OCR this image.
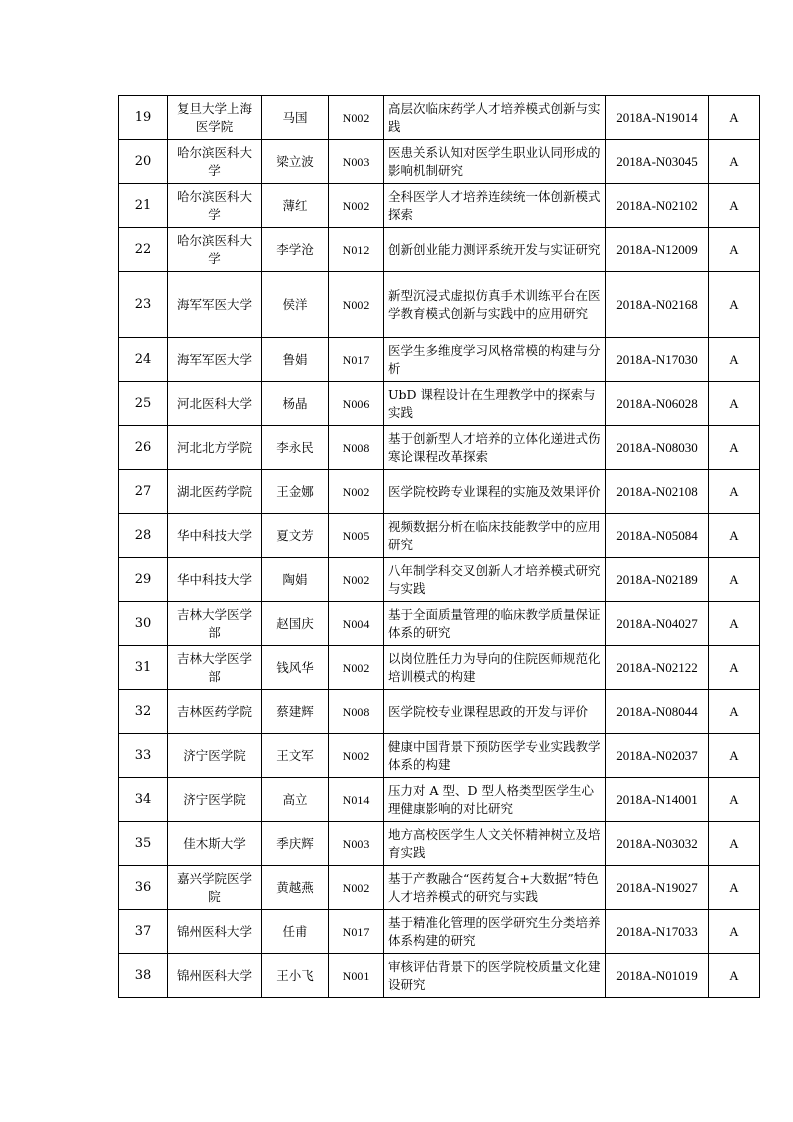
19	复旦大学上海医学院	马国	N002	高层次临床药学人才培养模式创新与实践	2018A-N19014	A
20	哈尔滨医科大学	梁立波	N003	医患关系认知对医学生职业认同形成的影响机制研究	2018A-N03045	A
21	哈尔滨医科大学	薄红	N002	全科医学人才培养连续统一体创新模式探索	2018A-N02102	A
22	哈尔滨医科大学	李学沧	N012	创新创业能力测评系统开发与实证研究	2018A-N12009	A
23	海军军医大学	侯洋	N002	新型沉浸式虚拟仿真手术训练平台在医学教育模式创新与实践中的应用研究	2018A-N02168	A
24	海军军医大学	鲁娟	N017	医学生多维度学习风格常模的构建与分析	2018A-N17030	A
25	河北医科大学	杨晶	N006	UbD 课程设计在生理教学中的探索与实践	2018A-N06028	A
26	河北北方学院	李永民	N008	基于创新型人才培养的立体化递进式伤寒论课程改革探索	2018A-N08030	A
27	湖北医药学院	王金娜	N002	医学院校跨专业课程的实施及效果评价	2018A-N02108	A
28	华中科技大学	夏文芳	N005	视频数据分析在临床技能教学中的应用研究	2018A-N05084	A
29	华中科技大学	陶娟	N002	八年制学科交叉创新人才培养模式研究与实践	2018A-N02189	A
30	吉林大学医学部	赵国庆	N004	基于全面质量管理的临床教学质量保证体系的研究	2018A-N04027	A
31	吉林大学医学部	钱风华	N002	以岗位胜任力为导向的住院医师规范化培训模式的构建	2018A-N02122	A
32	吉林医药学院	蔡建辉	N008	医学院校专业课程思政的开发与评价	2018A-N08044	A
33	济宁医学院	王文军	N002	健康中国背景下预防医学专业实践教学体系的构建	2018A-N02037	A
34	济宁医学院	高立	N014	压力对 A 型、D 型人格类型医学生心理健康影响的对比研究	2018A-N14001	A
35	佳木斯大学	季庆辉	N003	地方高校医学生人文关怀精神树立及培育实践	2018A-N03032	A
36	嘉兴学院医学院	黄越燕	N002	基于产教融合“医药复合+大数据”特色人才培养模式的研究与实践	2018A-N19027	A
37	锦州医科大学	任甫	N017	基于精准化管理的医学研究生分类培养体系构建的研究	2018A-N17033	A
38	锦州医科大学	王小飞	N001	审核评估背景下的医学院校质量文化建设研究	2018A-N01019	A
